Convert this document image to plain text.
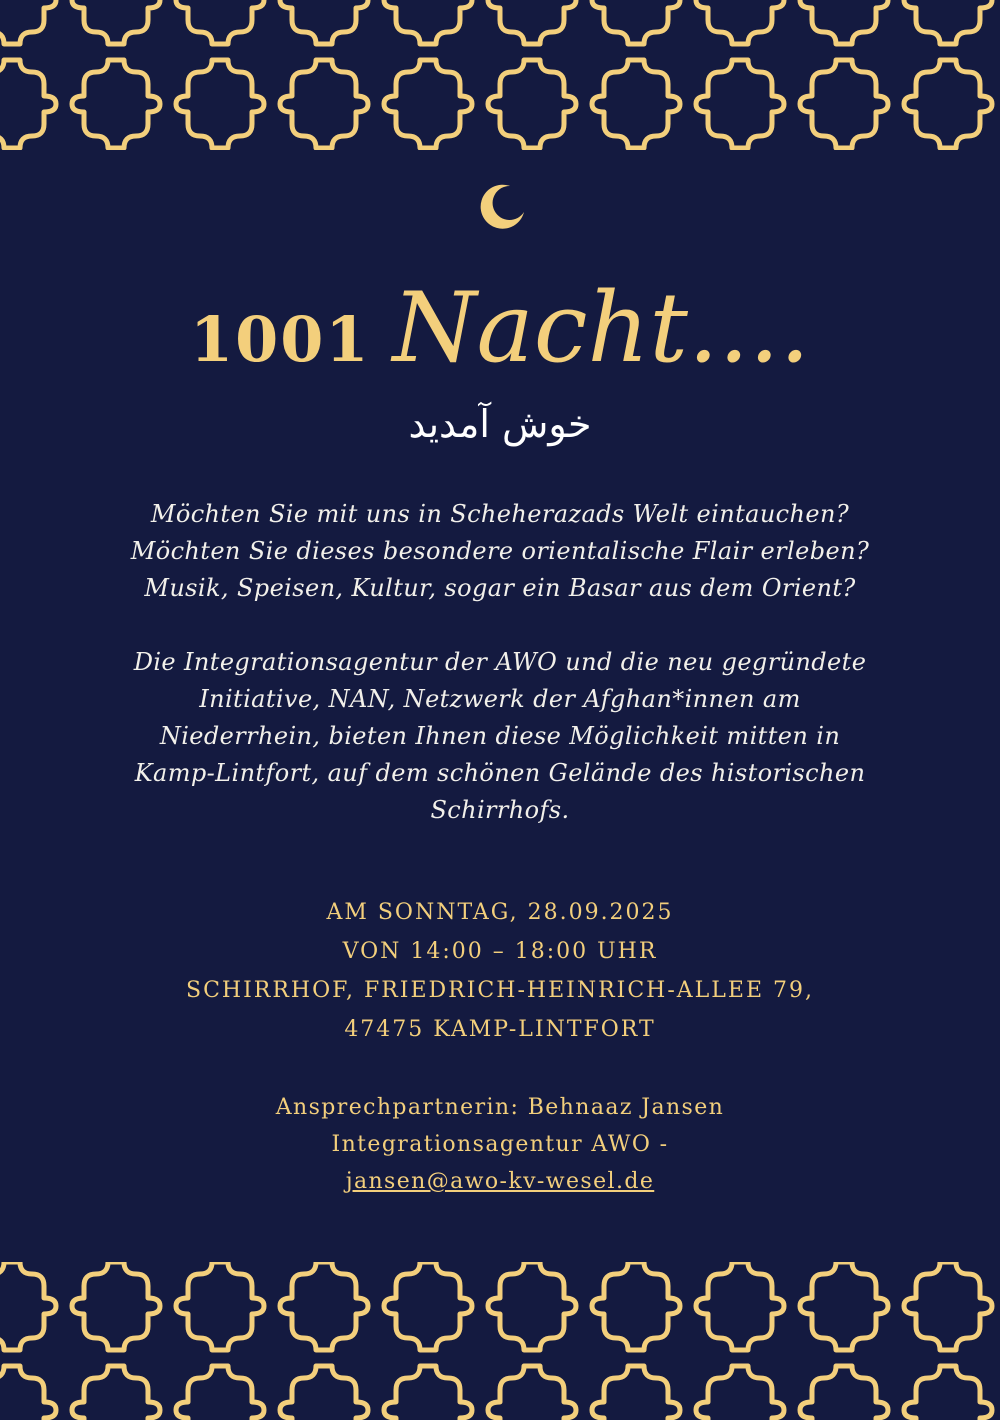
1001 Nacht....
خوش آمدید

Möchten Sie mit uns in Scheherazads Welt eintauchen?
Möchten Sie dieses besondere orientalische Flair erleben?
Musik, Speisen, Kultur, sogar ein Basar aus dem Orient?

Die Integrationsagentur der AWO und die neu gegründete
Initiative, NAN, Netzwerk der Afghan*innen am
Niederrhein, bieten Ihnen diese Möglichkeit mitten in
Kamp-Lintfort, auf dem schönen Gelände des historischen
Schirrhofs.

AM SONNTAG, 28.09.2025
VON 14:00 – 18:00 UHR
SCHIRRHOF, FRIEDRICH-HEINRICH-ALLEE 79,
47475 KAMP-LINTFORT
Ansprechpartnerin: Behnaaz Jansen
Integrationsagentur AWO -
jansen@awo-kv-wesel.de
